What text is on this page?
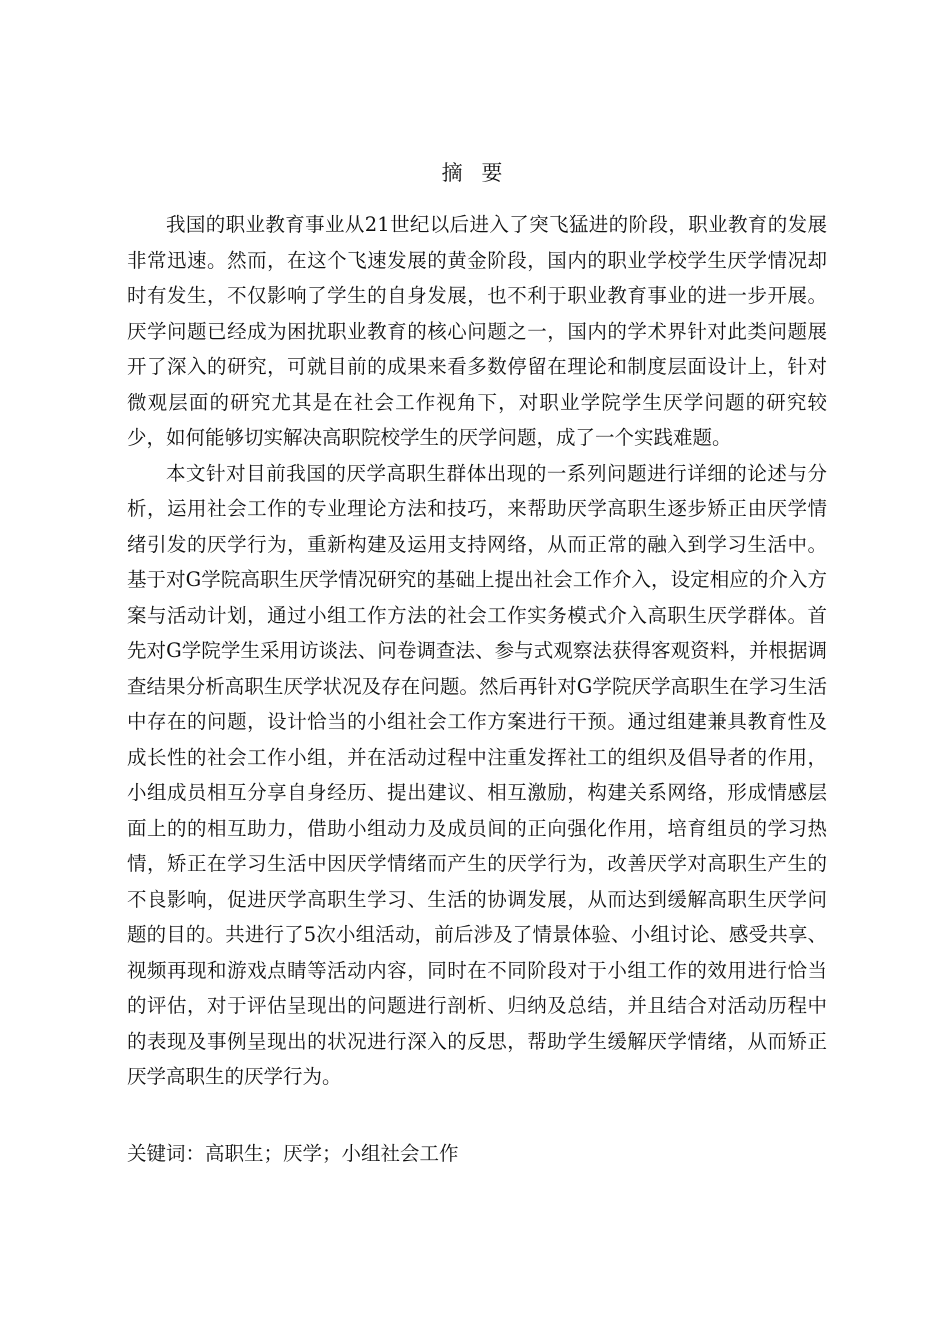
摘 要

我国的职业教育事业从21世纪以后进入了突飞猛进的阶段，职业教育的发展非常迅速。然而，在这个飞速发展的黄金阶段，国内的职业学校学生厌学情况却时有发生，不仅影响了学生的自身发展，也不利于职业教育事业的进一步开展。厌学问题已经成为困扰职业教育的核心问题之一，国内的学术界针对此类问题展开了深入的研究，可就目前的成果来看多数停留在理论和制度层面设计上，针对微观层面的研究尤其是在社会工作视角下，对职业学院学生厌学问题的研究较少，如何能够切实解决高职院校学生的厌学问题，成了一个实践难题。

本文针对目前我国的厌学高职生群体出现的一系列问题进行详细的论述与分析，运用社会工作的专业理论方法和技巧，来帮助厌学高职生逐步矫正由厌学情绪引发的厌学行为，重新构建及运用支持网络，从而正常的融入到学习生活中。基于对G学院高职生厌学情况研究的基础上提出社会工作介入，设定相应的介入方案与活动计划，通过小组工作方法的社会工作实务模式介入高职生厌学群体。首先对G学院学生采用访谈法、问卷调查法、参与式观察法获得客观资料，并根据调查结果分析高职生厌学状况及存在问题。然后再针对G学院厌学高职生在学习生活中存在的问题，设计恰当的小组社会工作方案进行干预。通过组建兼具教育性及成长性的社会工作小组，并在活动过程中注重发挥社工的组织及倡导者的作用，小组成员相互分享自身经历、提出建议、相互激励，构建关系网络，形成情感层面上的的相互助力，借助小组动力及成员间的正向强化作用，培育组员的学习热情，矫正在学习生活中因厌学情绪而产生的厌学行为，改善厌学对高职生产生的不良影响，促进厌学高职生学习、生活的协调发展，从而达到缓解高职生厌学问题的目的。共进行了5次小组活动，前后涉及了情景体验、小组讨论、感受共享、视频再现和游戏点睛等活动内容，同时在不同阶段对于小组工作的效用进行恰当的评估，对于评估呈现出的问题进行剖析、归纳及总结，并且结合对活动历程中的表现及事例呈现出的状况进行深入的反思，帮助学生缓解厌学情绪，从而矫正厌学高职生的厌学行为。

关键词：高职生；厌学；小组社会工作
